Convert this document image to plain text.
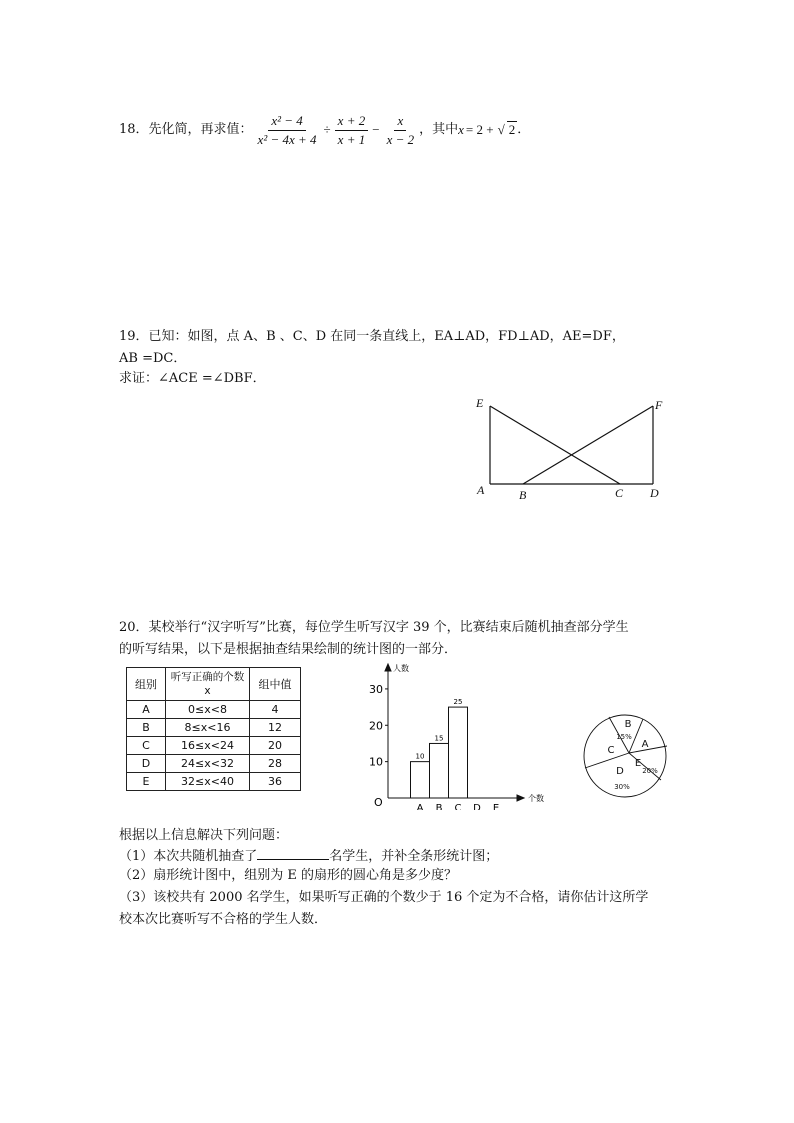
18．先化简，再求值： $\frac{\text{x² − 4}}{\text{x² − 4x + 4}} \div \frac{x + 2}{x + 1} - \frac{x}{x - 2}$ ，其中 x = 2 + √ 2 ．
19．已知：如图，点 A、B 、C、D 在同一条直线上，EA⊥AD，FD⊥AD，AE=DF，
AB =DC．
求证：∠ACE =∠DBF．
E	F
A	B	C D
20．某校举行“汉字听写”比赛，每位学生听写汉字 39 个，比赛结束后随机抽查部分学生
的听写结果，以下是根据抽查结果绘制的统计图的一部分．
组别	听写正确的个数 x	组中值
A	0≤x<8	4
B	8≤x<16	12
C	16≤x<24	20
D	24≤x<32	28
E	32≤x<40	36
人数
个数
O
10
20
30
A
10
B
15
C
25
D E
B
15%
A
E
20%
D
30%
C
根据以上信息解决下列问题：
（1）本次共随机抽查了	名学生，并补全条形统计图；
（2）扇形统计图中，组别为 E 的扇形的圆心角是多少度？
（3）该校共有 2000 名学生，如果听写正确的个数少于 16 个定为不合格，请你估计这所学
校本次比赛听写不合格的学生人数．
